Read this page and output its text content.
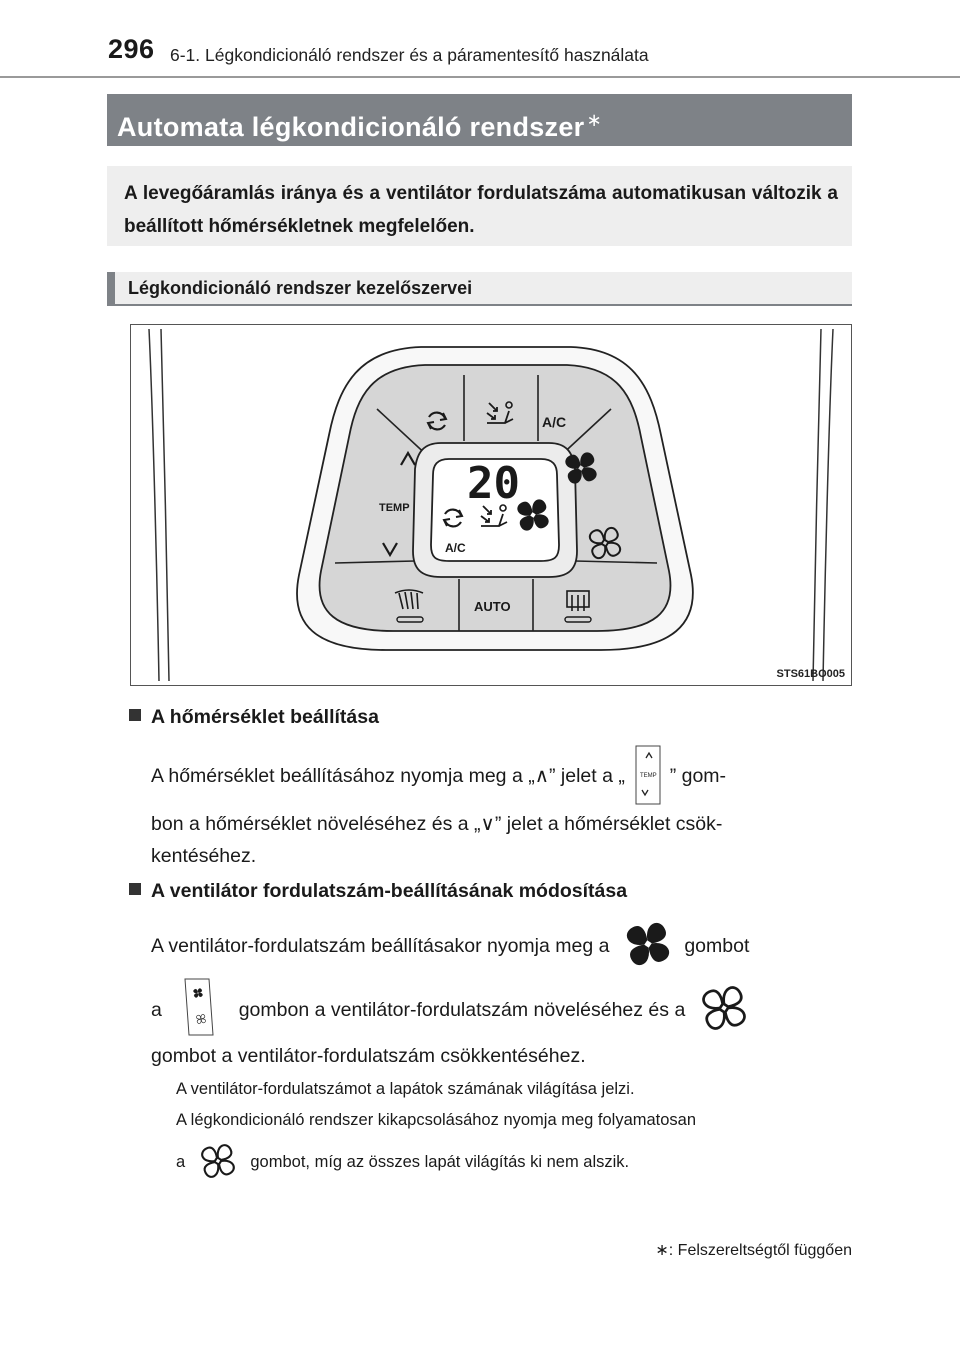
296 6-1. Légkondicionáló rendszer és a páramentesítő használata
Automata légkondicionáló rendszer ∗
A levegőáramlás iránya és a ventilátor fordulatszáma automatikusan változik a beállított hőmérsékletnek megfelelően.
Légkondicionáló rendszer kezelőszervei
20
A/C
A/C
TEMP
AUTO
STS61BO005
A hőmérséklet beállítása
A hőmérséklet beállításához nyomja meg a „∧” jelet a „	TEMP ” gom-
bon a hőmérséklet növeléséhez és a „∨” jelet a hőmérséklet csök-
kentéséhez.
A ventilátor fordulatszám-beállításának módosítása
A ventilátor-fordulatszám beállításakor nyomja meg a	gombot
a	gombon a ventilátor-fordulatszám növeléséhez és a
gombot a ventilátor-fordulatszám csökkentéséhez.
A ventilátor-fordulatszámot a lapátok számának világítása jelzi.
A légkondicionáló rendszer kikapcsolásához nyomja meg folyamatosan
a	gombot, míg az összes lapát világítás ki nem alszik.
∗: Felszereltségtől függően
